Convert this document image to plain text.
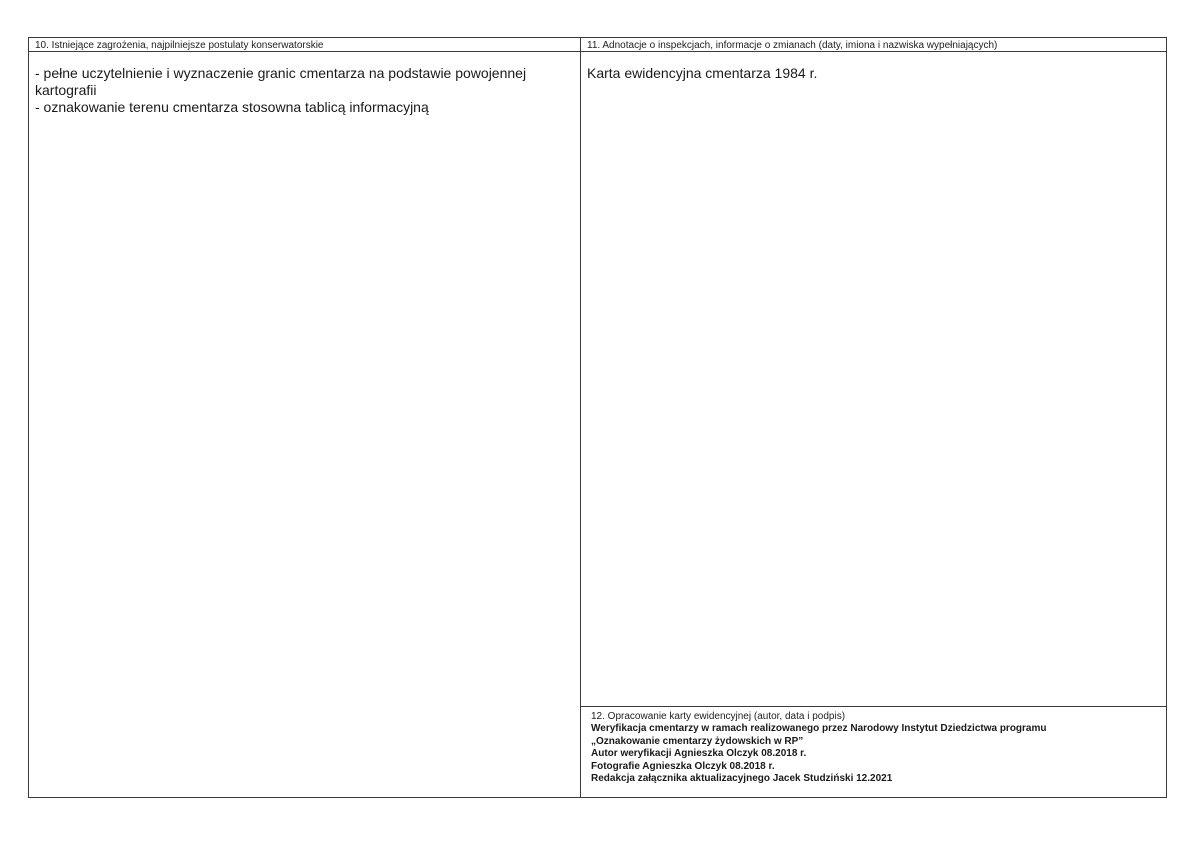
10. Istniejące zagrożenia, najpilniejsze postulaty konserwatorskie

- pełne uczytelnienie i wyznaczenie granic cmentarza na podstawie powojennej kartografii

- oznakowanie terenu cmentarza stosowna tablicą informacyjną

11. Adnotacje o inspekcjach, informacje o zmianach (daty, imiona i nazwiska wypełniających)

Karta ewidencyjna cmentarza 1984 r.

12. Opracowanie karty ewidencyjnej (autor, data i podpis)

Weryfikacja cmentarzy w ramach realizowanego przez Narodowy Instytut Dziedzictwa programu

„Oznakowanie cmentarzy żydowskich w RP”

Autor weryfikacji Agnieszka Olczyk 08.2018 r.

Fotografie Agnieszka Olczyk 08.2018 r.

Redakcja załącznika aktualizacyjnego Jacek Studziński 12.2021
